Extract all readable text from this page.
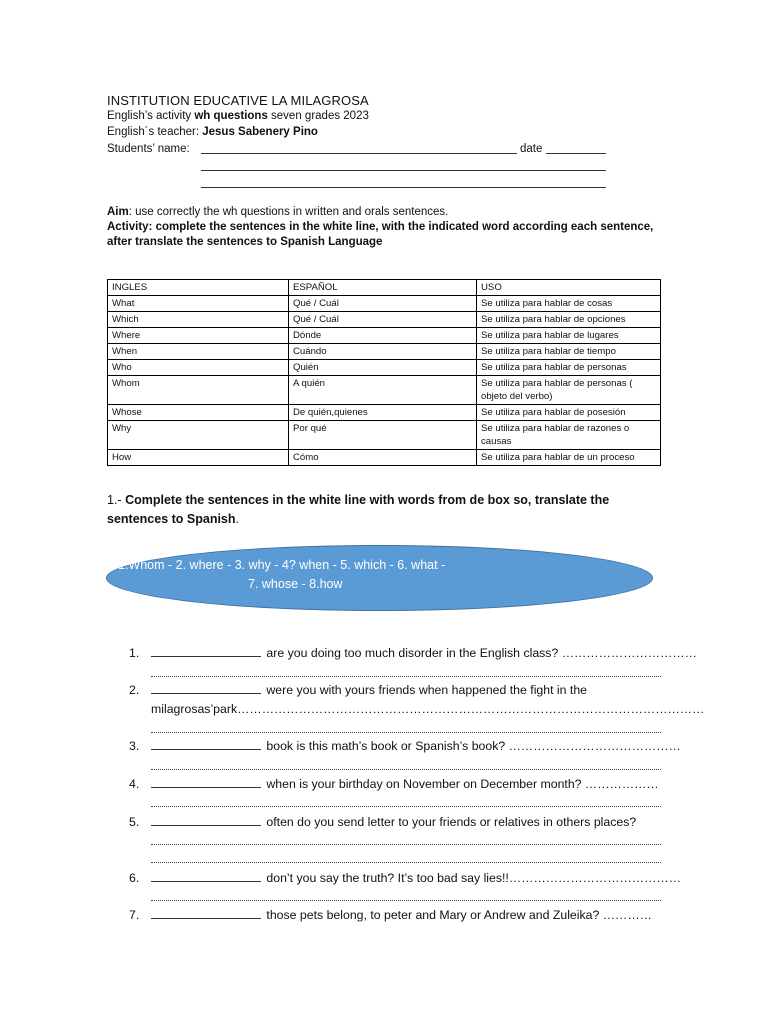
INSTITUTION EDUCATIVE LA MILAGROSA
English’s activity wh questions seven grades 2023
English´s teacher: Jesus Sabenery Pino
Students’ name:	date

Aim: use correctly the wh questions in written and orals sentences.

Activity: complete the sentences in the white line, with the indicated word according each sentence, after translate the sentences to Spanish Language

INGLES	ESPAÑOL	USO
What	Qué / Cuál	Se utiliza para hablar de cosas
Which	Qué / Cuál	Se utiliza para hablar de opciones
Where	Dónde	Se utiliza para hablar de lugares
When	Cuándo	Se utiliza para hablar de tiempo
Who	Quién	Se utiliza para hablar de personas
Whom	A quién	Se utiliza para hablar de personas ( objeto del verbo)
Whose	De quién,quienes	Se utiliza para hablar de posesión
Why	Por qué	Se utiliza para hablar de razones o causas
How	Cómo	Se utiliza para hablar de un proceso
1.- Complete the sentences in the white line with words from de box so, translate the sentences to Spanish.
1.Whom - 2. where - 3. why - 4? when - 5. which - 6. what -
7. whose - 8.how
1.	are you doing too much disorder in the English class? ……………………………
2.	were you with yours friends when happened the fight in the
milagrosas’park……………………………………………………………………………………………………
3.	book is this math’s book or Spanish’s book? ……………………………………
4.	when is your birthday on November on December month? ………………
5.	often do you send letter to your friends or relatives in others places?
6.	don’t you say the truth? It’s too bad say lies!!……………………………………
7.	those pets belong, to peter and Mary or Andrew and Zuleika? …………
